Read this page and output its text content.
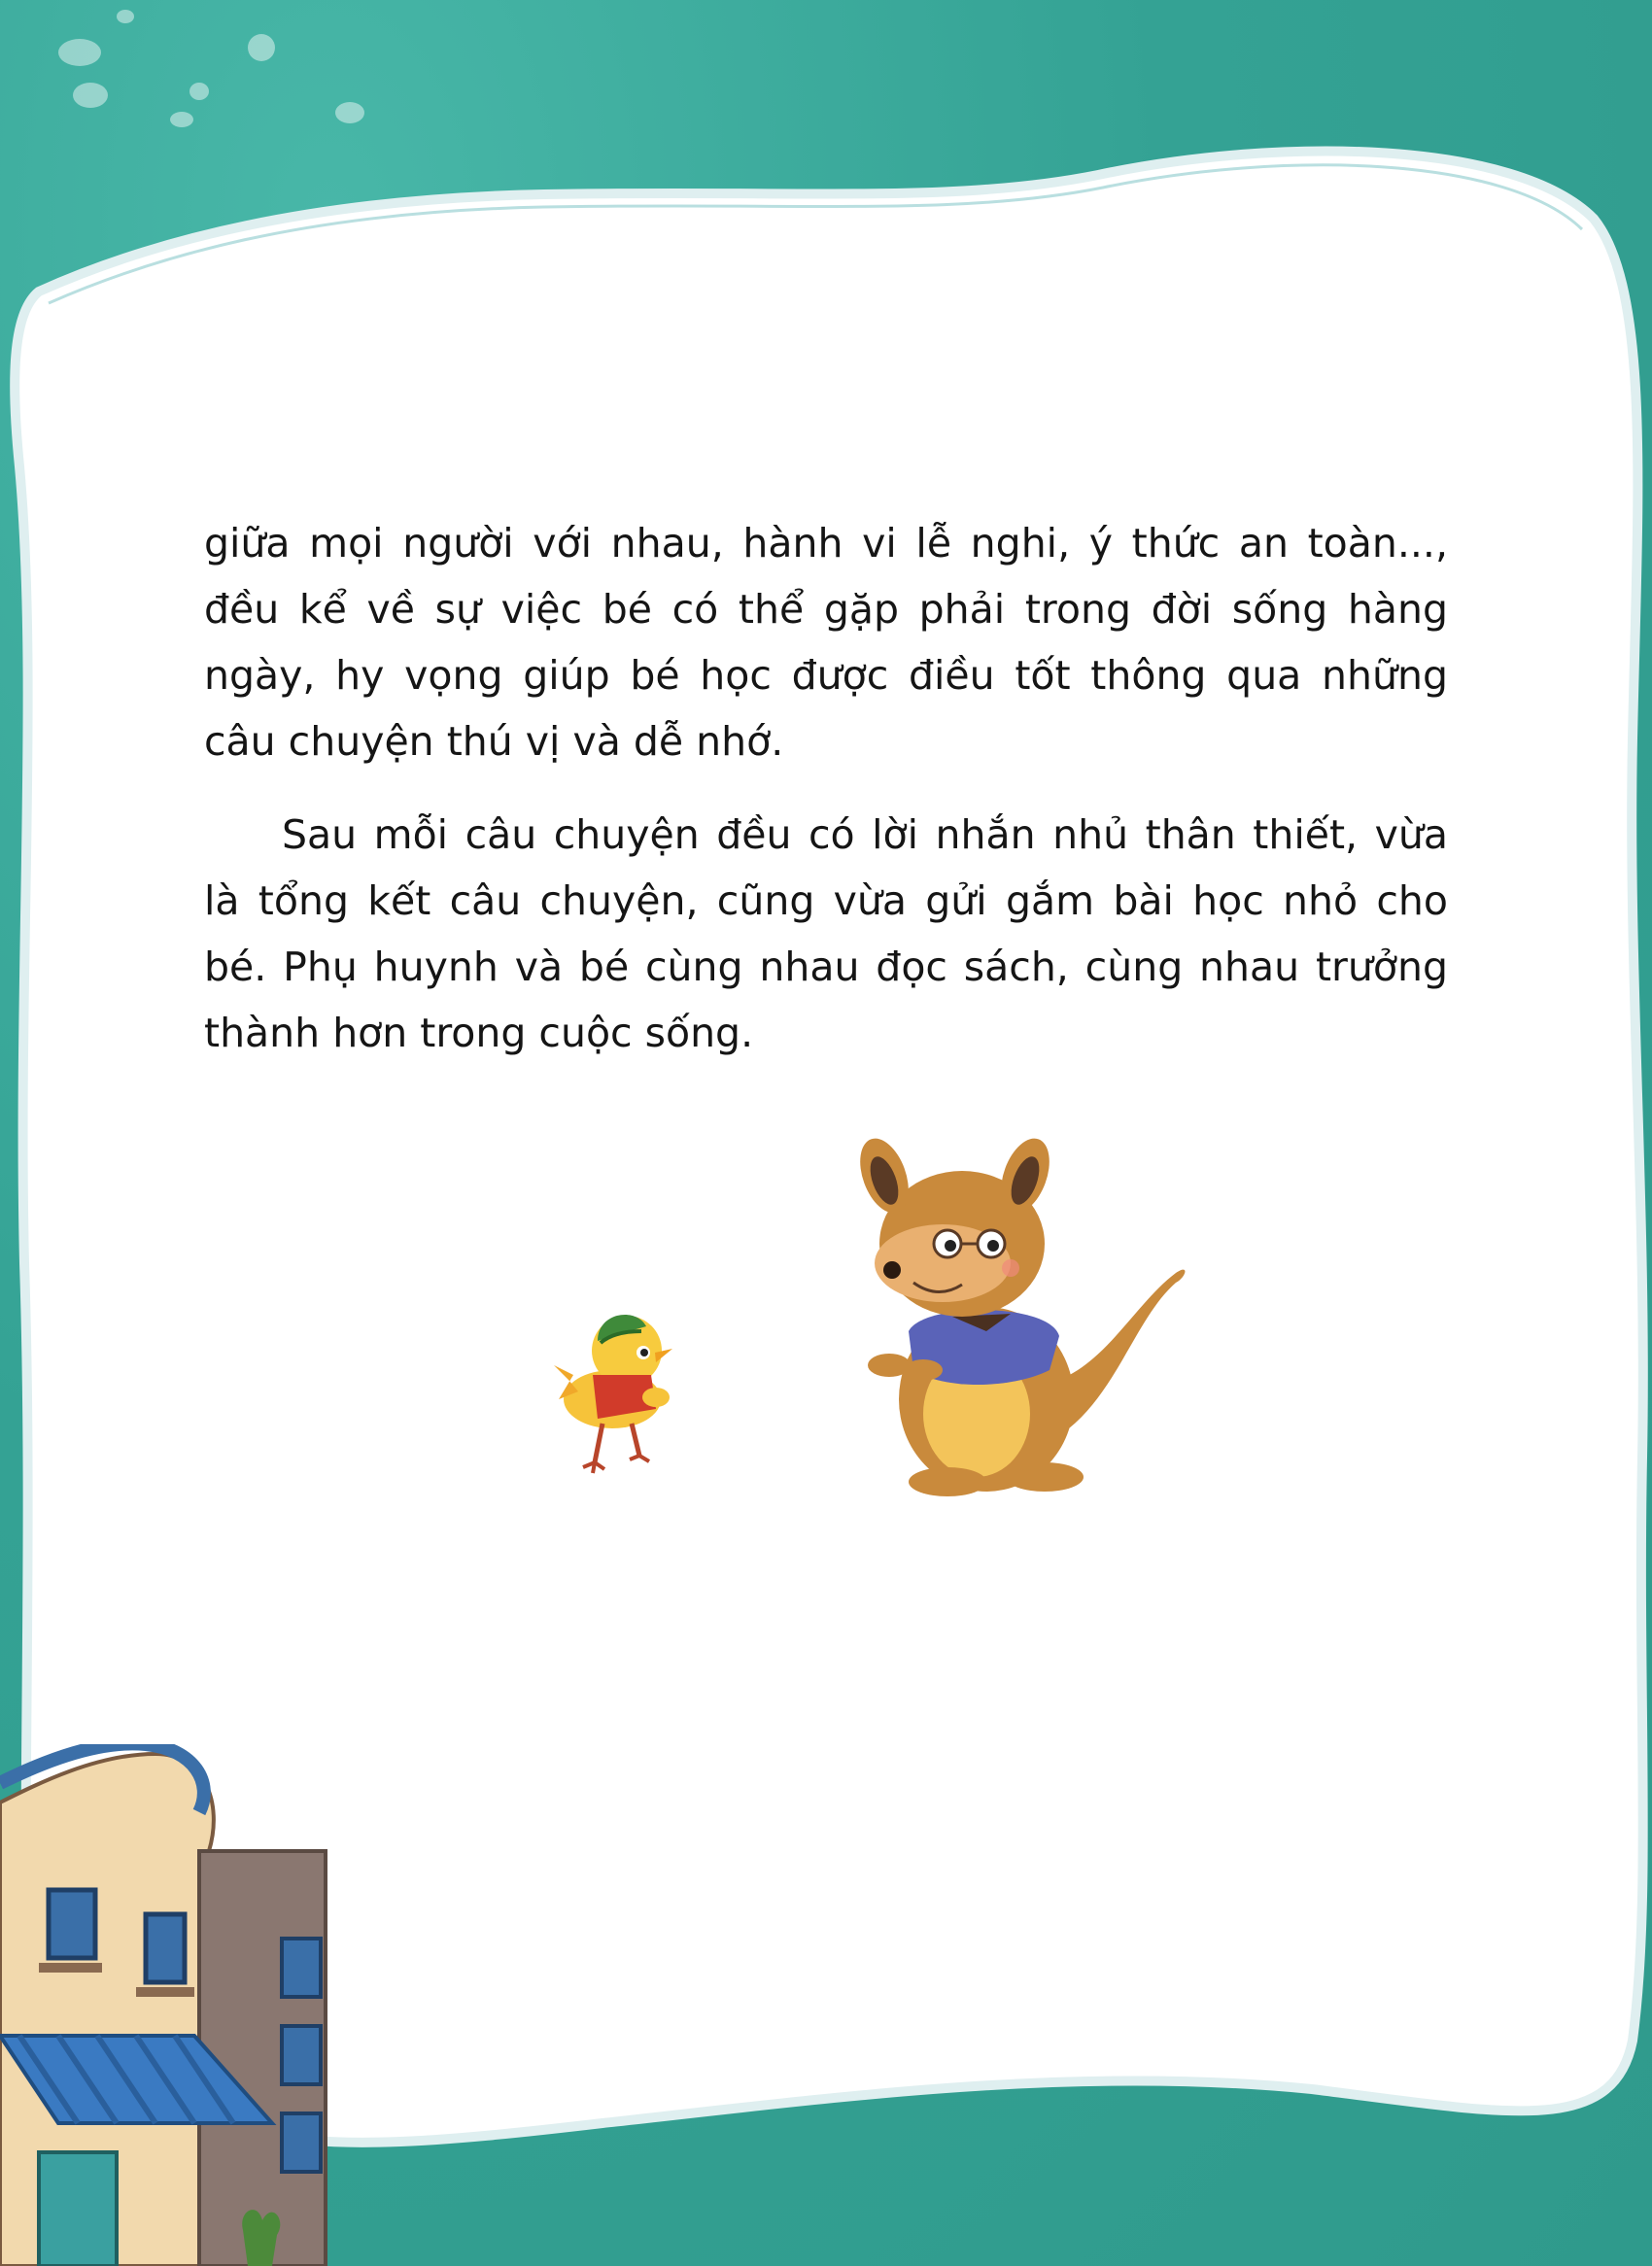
giữa mọi người với nhau, hành vi lễ nghi, ý thức an toàn..., đều kể về sự việc bé có thể gặp phải trong đời sống hàng ngày, hy vọng giúp bé học được điều tốt thông qua những câu chuyện thú vị và dễ nhớ.

Sau mỗi câu chuyện đều có lời nhắn nhủ thân thiết, vừa là tổng kết câu chuyện, cũng vừa gửi gắm bài học nhỏ cho bé. Phụ huynh và bé cùng nhau đọc sách, cùng nhau trưởng thành hơn trong cuộc sống.
